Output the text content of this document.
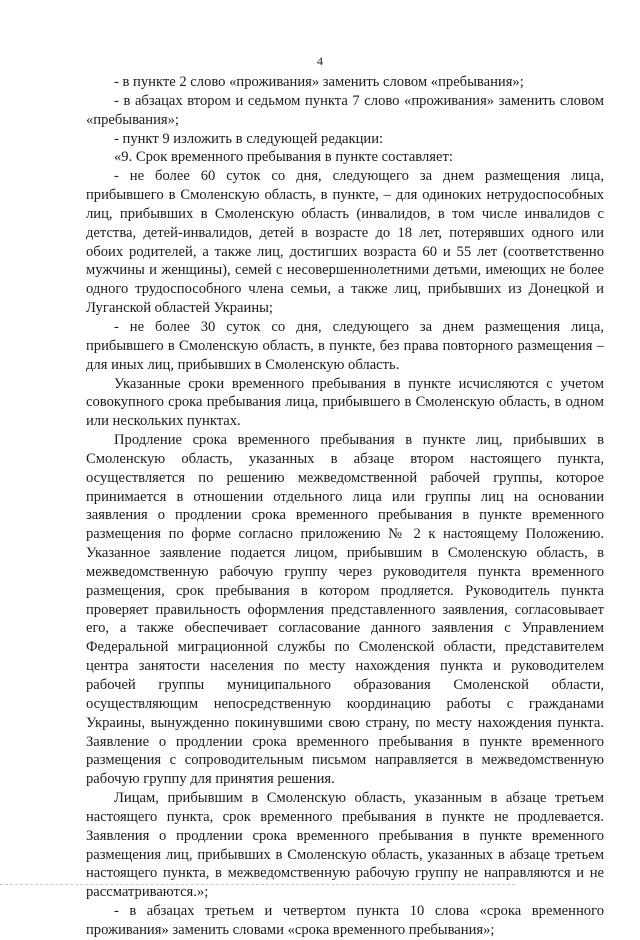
4

- в пункте 2 слово «проживания» заменить словом «пребывания»;

- в абзацах втором и седьмом пункта 7 слово «проживания» заменить словом «пребывания»;

- пункт 9 изложить в следующей редакции:

«9. Срок временного пребывания в пункте составляет:

- не более 60 суток со дня, следующего за днем размещения лица, прибывшего в Смоленскую область, в пункте, – для одиноких нетрудоспособных лиц, прибывших в Смоленскую область (инвалидов, в том числе инвалидов с детства, детей-инвалидов, детей в возрасте до 18 лет, потерявших одного или обоих родителей, а также лиц, достигших возраста 60 и 55 лет (соответственно мужчины и женщины), семей с несовершеннолетними детьми, имеющих не более одного трудоспособного члена семьи, а также лиц, прибывших из Донецкой и Луганской областей Украины;

- не более 30 суток со дня, следующего за днем размещения лица, прибывшего в Смоленскую область, в пункте, без права повторного размещения – для иных лиц, прибывших в Смоленскую область.

Указанные сроки временного пребывания в пункте исчисляются с учетом совокупного срока пребывания лица, прибывшего в Смоленскую область, в одном или нескольких пунктах.

Продление срока временного пребывания в пункте лиц, прибывших в Смоленскую область, указанных в абзаце втором настоящего пункта, осуществляется по решению межведомственной рабочей группы, которое принимается в отношении отдельного лица или группы лиц на основании заявления о продлении срока временного пребывания в пункте временного размещения по форме согласно приложению № 2 к настоящему Положению. Указанное заявление подается лицом, прибывшим в Смоленскую область, в межведомственную рабочую группу через руководителя пункта временного размещения, срок пребывания в котором продляется. Руководитель пункта проверяет правильность оформления представленного заявления, согласовывает его, а также обеспечивает согласование данного заявления с Управлением Федеральной миграционной службы по Смоленской области, представителем центра занятости населения по месту нахождения пункта и руководителем рабочей группы муниципального образования Смоленской области, осуществляющим непосредственную координацию работы с гражданами Украины, вынужденно покинувшими свою страну, по месту нахождения пункта. Заявление о продлении срока временного пребывания в пункте временного размещения с сопроводительным письмом направляется в межведомственную рабочую группу для принятия решения.

Лицам, прибывшим в Смоленскую область, указанным в абзаце третьем настоящего пункта, срок временного пребывания в пункте не продлевается. Заявления о продлении срока временного пребывания в пункте временного размещения лиц, прибывших в Смоленскую область, указанных в абзаце третьем настоящего пункта, в межведомственную рабочую группу не направляются и не рассматриваются.»;

- в абзацах третьем и четвертом пункта 10 слова «срока временного проживания» заменить словами «срока временного пребывания»;
